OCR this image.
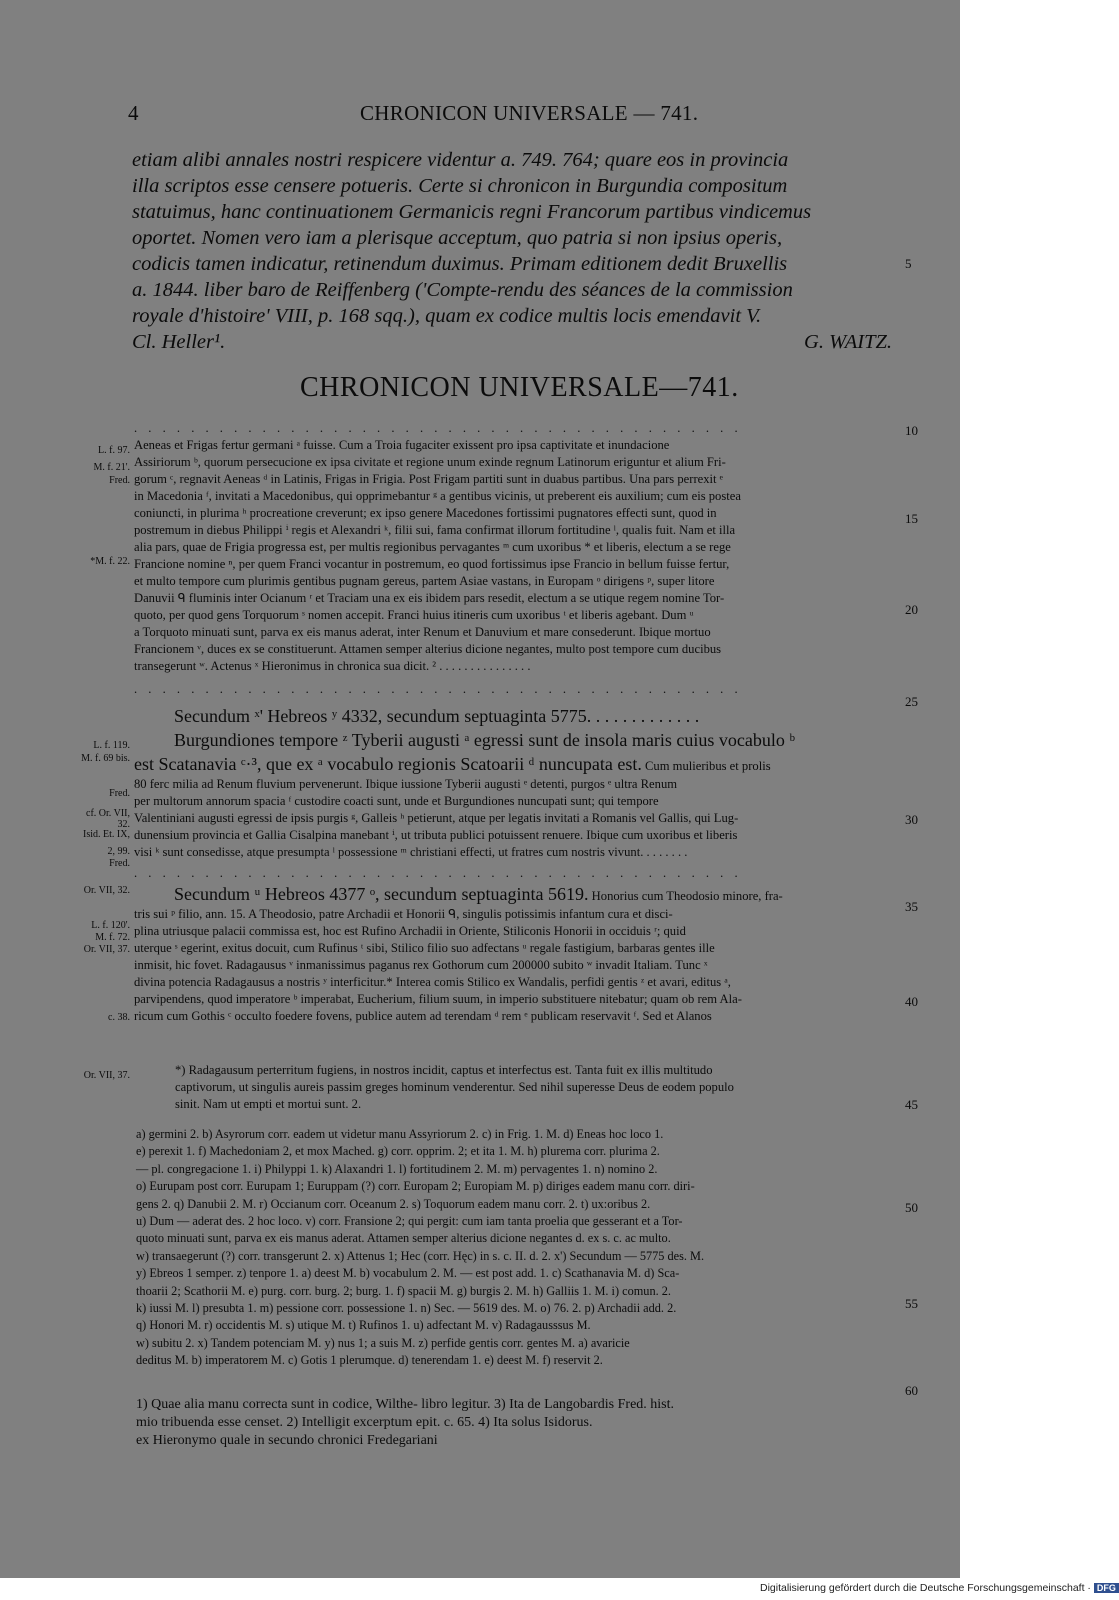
4	CHRONICON UNIVERSALE — 741.
etiam alibi annales nostri respicere videntur a. 749. 764; quare eos in provincia
illa scriptos esse censere potueris. Certe si chronicon in Burgundia compositum
statuimus, hanc continuationem Germanicis regni Francorum partibus vindicemus
oportet. Nomen vero iam a plerisque acceptum, quo patria si non ipsius operis,
codicis tamen indicatur, retinendum duximus. Primam editionem dedit Bruxellis
a. 1844. liber baro de Reiffenberg ('Compte-rendu des séances de la commission
royale d'histoire' VIII, p. 168 sqq.), quam ex codice multis locis emendavit V.
Cl. Heller¹.	G. WAITZ.
CHRONICON UNIVERSALE—741.
. . . . . . . . . . . . . . . . . . . . . . . . . . . . . . . . . . . . . . . . . . .
Aeneas et Frigas fertur germani ᵃ fuisse. Cum a Troia fugaciter exissent pro ipsa captivitate et inundacione
Assiriorum ᵇ, quorum persecucione ex ipsa civitate et regione unum exinde regnum Latinorum eriguntur et alium Fri-
gorum ᶜ, regnavit Aeneas ᵈ in Latinis, Frigas in Frigia. Post Frigam partiti sunt in duabus partibus. Una pars perrexit ᵉ
in Macedonia ᶠ, invitati a Macedonibus, qui opprimebantur ᵍ a gentibus vicinis, ut preberent eis auxilium; cum eis postea
coniuncti, in plurima ʰ procreatione creverunt; ex ipso genere Macedones fortissimi pugnatores effecti sunt, quod in
postremum in diebus Philippi ⁱ regis et Alexandri ᵏ, filii sui, fama confirmat illorum fortitudine ˡ, qualis fuit. Nam et illa
alia pars, quae de Frigia progressa est, per multis regionibus pervagantes ᵐ cum uxoribus * et liberis, electum a se rege
Francione nomine ⁿ, per quem Franci vocantur in postremum, eo quod fortissimus ipse Francio in bellum fuisse fertur,
et multo tempore cum plurimis gentibus pugnam gereus, partem Asiae vastans, in Europam ᵒ dirigens ᵖ, super litore
Danuvii ᑫ fluminis inter Ocianum ʳ et Traciam una ex eis ibidem pars resedit, electum a se utique regem nomine Tor-
quoto, per quod gens Torquorum ˢ nomen accepit. Franci huius itineris cum uxoribus ᵗ et liberis agebant. Dum ᵘ
a Torquoto minuati sunt, parva ex eis manus aderat, inter Renum et Danuvium et mare consederunt. Ibique mortuo
Francionem ᵛ, duces ex se constituerunt. Attamen semper alterius dicione negantes, multo post tempore cum ducibus
transegerunt ʷ. Actenus ˣ Hieronimus in chronica sua dicit. ² . . . . . . . . . . . . . . .
. . . . . . . . . . . . . . . . . . . . . . . . . . . . . . . . . . . . . . . . . . .
Secundum ˣ' Hebreos ʸ 4332, secundum septuaginta 5775. . . . . . . . . . . . .
Burgundiones tempore ᶻ Tyberii augusti ᵃ egressi sunt de insola maris cuius vocabulo ᵇ
est Scatanavia ᶜ·³, que ex ᵃ vocabulo regionis Scatoarii ᵈ nuncupata est. Cum mulieribus et prolis
80 ferc milia ad Renum fluvium pervenerunt. Ibique iussione Tyberii augusti ᵉ detenti, purgos ᵉ ultra Renum
per multorum annorum spacia ᶠ custodire coacti sunt, unde et Burgundiones nuncupati sunt; qui tempore
Valentiniani augusti egressi de ipsis purgis ᵍ, Galleis ʰ petierunt, atque per legatis invitati a Romanis vel Gallis, qui Lug-
dunensium provincia et Gallia Cisalpina manebant ⁱ, ut tributa publici potuissent renuere. Ibique cum uxoribus et liberis
visi ᵏ sunt consedisse, atque presumpta ˡ possessione ᵐ christiani effecti, ut fratres cum nostris vivunt. . . . . . . .
. . . . . . . . . . . . . . . . . . . . . . . . . . . . . . . . . . . . . . . . . . .
Secundum ᵘ Hebreos 4377 ᵒ, secundum septuaginta 5619. Honorius cum Theodosio minore, fra-
tris sui ᵖ filio, ann. 15. A Theodosio, patre Archadii et Honorii ᑫ, singulis potissimis infantum cura et disci-
plina utriusque palacii commissa est, hoc est Rufino Archadii in Oriente, Stiliconis Honorii in occiduis ʳ; quid
uterque ˢ egerint, exitus docuit, cum Rufinus ᵗ sibi, Stilico filio suo adfectans ᵘ regale fastigium, barbaras gentes ille
inmisit, hic fovet. Radagausus ᵛ inmanissimus paganus rex Gothorum cum 200000 subito ʷ invadit Italiam. Tunc ˣ
divina potencia Radagausus a nostris ʸ interficitur.* Interea comis Stilico ex Wandalis, perfidi gentis ᶻ et avari, editus ᵃ,
parvipendens, quod imperatore ᵇ imperabat, Eucherium, filium suum, in imperio substituere nitebatur; quam ob rem Ala-
ricum cum Gothis ᶜ occulto foedere fovens, publice autem ad terendam ᵈ rem ᵉ publicam reservavit ᶠ. Sed et Alanos
*) Radagausum perterritum fugiens, in nostros incidit, captus et interfectus est. Tanta fuit ex illis multitudo
captivorum, ut singulis aureis passim greges hominum venderentur. Sed nihil superesse Deus de eodem populo
sinit. Nam ut empti et mortui sunt. 2.
a) germini 2. b) Asyrorum corr. eadem ut videtur manu Assyriorum 2. c) in Frig. 1. M. d) Eneas hoc loco 1.
e) perexit 1. f) Machedoniam 2, et mox Mached. g) corr. opprim. 2; et ita 1. M. h) plurema corr. plurima 2.
— pl. congregacione 1. i) Philyppi 1. k) Alaxandri 1. l) fortitudinem 2. M. m) pervagentes 1. n) nomino 2.
o) Eurupam post corr. Eurupam 1; Euruppam (?) corr. Europam 2; Europiam M. p) diriges eadem manu corr. diri-
gens 2. q) Danubii 2. M. r) Occianum corr. Oceanum 2. s) Toquorum eadem manu corr. 2. t) ux:oribus 2.
u) Dum — aderat des. 2 hoc loco. v) corr. Fransione 2; qui pergit: cum iam tanta proelia que gesserant et a Tor-
quoto minuati sunt, parva ex eis manus aderat. Attamen semper alterius dicione negantes d. ex s. c. ac multo.
w) transaegerunt (?) corr. transgerunt 2. x) Attenus 1; Hec (corr. Hęc) in s. c. II. d. 2. x') Secundum — 5775 des. M.
y) Ebreos 1 semper. z) tenpore 1. a) deest M. b) vocabulum 2. M. — est post add. 1. c) Scathanavia M. d) Sca-
thoarii 2; Scathorii M. e) purg. corr. burg. 2; burg. 1. f) spacii M. g) burgis 2. M. h) Galliis 1. M. i) comun. 2.
k) iussi M. l) presubta 1. m) pessione corr. possessione 1. n) Sec. — 5619 des. M. o) 76. 2. p) Archadii add. 2.
q) Honori M. r) occidentis M. s) utique M. t) Rufinos 1. u) adfectant M. v) Radagausssus M.
w) subitu 2. x) Tandem potenciam M. y) nus 1; a suis M. z) perfide gentis corr. gentes M. a) avaricie
deditus M. b) imperatorem M. c) Gotis 1 plerumque. d) tenerendam 1. e) deest M. f) reservit 2.
1) Quae alia manu correcta sunt in codice, Wilthe- libro legitur. 3) Ita de Langobardis Fred. hist.
mio tribuenda esse censet. 2) Intelligit excerptum epit. c. 65. 4) Ita solus Isidorus.
ex Hieronymo quale in secundo chronici Fredegariani
L. f. 97.
M. f. 21'.
Fred.
*M. f. 22.
L. f. 119.
M. f. 69 bis.
Fred.
cf. Or. VII,
32.
Isid. Et. IX,
2, 99.
Fred.
Or. VII, 32.
L. f. 120'.
M. f. 72.
Or. VII, 37.
c. 38.
Or. VII, 37.
5
10
15
20
25
30
35
40
45
50
55
60
Digitalisierung gefördert durch die Deutsche Forschungsgemeinschaft · DFG
